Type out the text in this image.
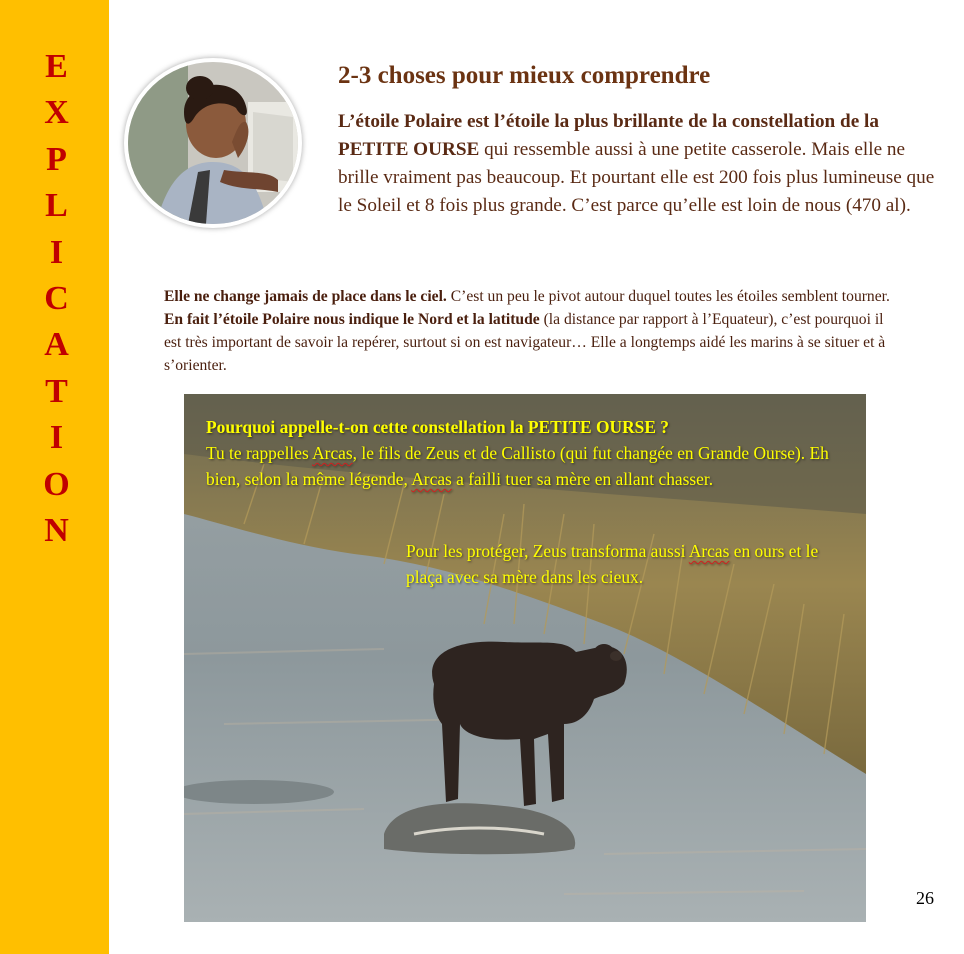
E
X
P
L
I
C
A
T
I
O
N
2-3 choses pour mieux comprendre
L’étoile Polaire est l’étoile la plus brillante de la constellation de la PETITE OURSE qui ressemble aussi à une petite casserole. Mais elle ne brille vraiment pas beaucoup. Et pourtant elle est 200 fois plus lumineuse que le Soleil et 8 fois plus grande. C’est parce qu’elle est loin de nous (470 al).
Elle ne change jamais de place dans le ciel. C’est un peu le pivot autour duquel toutes les étoiles semblent tourner. En fait l’étoile Polaire nous indique le Nord et la latitude (la distance par rapport à l’Equateur), c’est pourquoi il est très important de savoir la repérer, surtout si on est navigateur… Elle a longtemps aidé les marins à se situer et à s’orienter.
Pourquoi appelle-t-on cette constellation la PETITE OURSE ?
Tu te rappelles Arcas, le fils de Zeus et de Callisto (qui fut changée en Grande Ourse). Eh bien, selon la même légende, Arcas a failli tuer sa mère en allant chasser.
Pour les protéger, Zeus transforma aussi Arcas en ours et le plaça avec sa mère dans les cieux.
26
